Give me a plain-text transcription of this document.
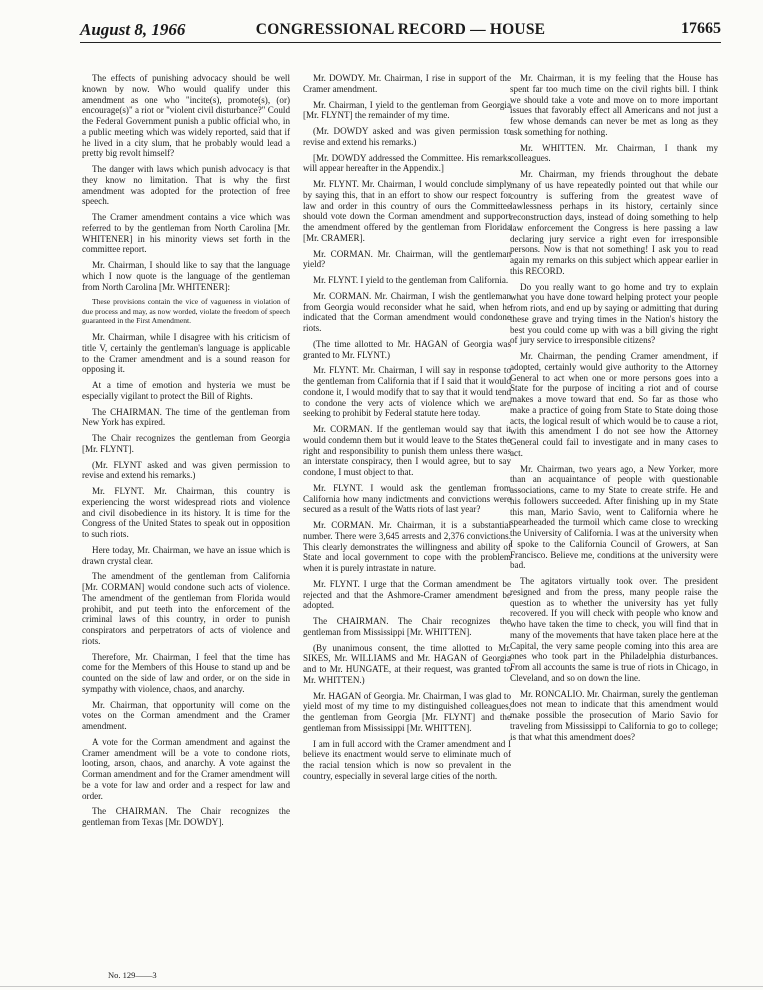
August 8, 1966	CONGRESSIONAL RECORD — HOUSE	17665

The effects of punishing advocacy should be well known by now. Who would qualify under this amendment as one who "incite(s), promote(s), (or) encourage(s)" a riot or "violent civil disturbance?" Could the Federal Government punish a public official who, in a public meeting which was widely reported, said that if he lived in a city slum, that he probably would lead a pretty big revolt himself?

The danger with laws which punish advocacy is that they know no limitation. That is why the first amendment was adopted for the protection of free speech.

The Cramer amendment contains a vice which was referred to by the gentleman from North Carolina [Mr. WHITENER] in his minority views set forth in the committee report.

Mr. Chairman, I should like to say that the language which I now quote is the language of the gentleman from North Carolina [Mr. WHITENER]:

These provisions contain the vice of vagueness in violation of due process and may, as now worded, violate the freedom of speech guaranteed in the First Amendment.

Mr. Chairman, while I disagree with his criticism of title V, certainly the gentleman's language is applicable to the Cramer amendment and is a sound reason for opposing it.

At a time of emotion and hysteria we must be especially vigilant to protect the Bill of Rights.

The CHAIRMAN. The time of the gentleman from New York has expired.

The Chair recognizes the gentleman from Georgia [Mr. FLYNT].

(Mr. FLYNT asked and was given permission to revise and extend his remarks.)

Mr. FLYNT. Mr. Chairman, this country is experiencing the worst widespread riots and violence and civil disobedience in its history. It is time for the Congress of the United States to speak out in opposition to such riots.

Here today, Mr. Chairman, we have an issue which is drawn crystal clear.

The amendment of the gentleman from California [Mr. CORMAN] would condone such acts of violence. The amendment of the gentleman from Florida would prohibit, and put teeth into the enforcement of the criminal laws of this country, in order to punish conspirators and perpetrators of acts of violence and riots.

Therefore, Mr. Chairman, I feel that the time has come for the Members of this House to stand up and be counted on the side of law and order, or on the side in sympathy with violence, chaos, and anarchy.

Mr. Chairman, that opportunity will come on the votes on the Corman amendment and the Cramer amendment.

A vote for the Corman amendment and against the Cramer amendment will be a vote to condone riots, looting, arson, chaos, and anarchy. A vote against the Corman amendment and for the Cramer amendment will be a vote for law and order and a respect for law and order.

The CHAIRMAN. The Chair recognizes the gentleman from Texas [Mr. DOWDY].

Mr. DOWDY. Mr. Chairman, I rise in support of the Cramer amendment.

Mr. Chairman, I yield to the gentleman from Georgia [Mr. FLYNT] the remainder of my time.

(Mr. DOWDY asked and was given permission to revise and extend his remarks.)

[Mr. DOWDY addressed the Committee. His remarks will appear hereafter in the Appendix.]

Mr. FLYNT. Mr. Chairman, I would conclude simply by saying this, that in an effort to show our respect for law and order in this country of ours the Committee should vote down the Corman amendment and support the amendment offered by the gentleman from Florida [Mr. CRAMER].

Mr. CORMAN. Mr. Chairman, will the gentleman yield?

Mr. FLYNT. I yield to the gentleman from California.

Mr. CORMAN. Mr. Chairman, I wish the gentleman from Georgia would reconsider what he said, when he indicated that the Corman amendment would condone riots.

(The time allotted to Mr. HAGAN of Georgia was granted to Mr. FLYNT.)

Mr. FLYNT. Mr. Chairman, I will say in response to the gentleman from California that if I said that it would condone it, I would modify that to say that it would tend to condone the very acts of violence which we are seeking to prohibit by Federal statute here today.

Mr. CORMAN. If the gentleman would say that it would condemn them but it would leave to the States the right and responsibility to punish them unless there was an interstate conspiracy, then I would agree, but to say condone, I must object to that.

Mr. FLYNT. I would ask the gentleman from California how many indictments and convictions were secured as a result of the Watts riots of last year?

Mr. CORMAN. Mr. Chairman, it is a substantial number. There were 3,645 arrests and 2,376 convictions. This clearly demonstrates the willingness and ability of State and local government to cope with the problem when it is purely intrastate in nature.

Mr. FLYNT. I urge that the Corman amendment be rejected and that the Ashmore-Cramer amendment be adopted.

The CHAIRMAN. The Chair recognizes the gentleman from Mississippi [Mr. WHITTEN].

(By unanimous consent, the time allotted to Mr. SIKES, Mr. WILLIAMS and Mr. HAGAN of Georgia and to Mr. HUNGATE, at their request, was granted to Mr. WHITTEN.)

Mr. HAGAN of Georgia. Mr. Chairman, I was glad to yield most of my time to my distinguished colleagues, the gentleman from Georgia [Mr. FLYNT] and the gentleman from Mississippi [Mr. WHITTEN].

I am in full accord with the Cramer amendment and I believe its enactment would serve to eliminate much of the racial tension which is now so prevalent in the country, especially in several large cities of the north.

Mr. Chairman, it is my feeling that the House has spent far too much time on the civil rights bill. I think we should take a vote and move on to more important issues that favorably effect all Americans and not just a few whose demands can never be met as long as they ask something for nothing.

Mr. WHITTEN. Mr. Chairman, I thank my colleagues.

Mr. Chairman, my friends throughout the debate many of us have repeatedly pointed out that while our country is suffering from the greatest wave of lawlessness perhaps in its history, certainly since reconstruction days, instead of doing something to help law enforcement the Congress is here passing a law declaring jury service a right even for irresponsible persons. Now is that not something! I ask you to read again my remarks on this subject which appear earlier in this RECORD.

Do you really want to go home and try to explain what you have done toward helping protect your people from riots, and end up by saying or admitting that during these grave and trying times in the Nation's history the best you could come up with was a bill giving the right of jury service to irresponsible citizens?

Mr. Chairman, the pending Cramer amendment, if adopted, certainly would give authority to the Attorney General to act when one or more persons goes into a State for the purpose of inciting a riot and of course makes a move toward that end. So far as those who make a practice of going from State to State doing those acts, the logical result of which would be to cause a riot, with this amendment I do not see how the Attorney General could fail to investigate and in many cases to act.

Mr. Chairman, two years ago, a New Yorker, more than an acquaintance of people with questionable associations, came to my State to create strife. He and his followers succeeded. After finishing up in my State this man, Mario Savio, went to California where he spearheaded the turmoil which came close to wrecking the University of California. I was at the university when I spoke to the California Council of Growers, at San Francisco. Believe me, conditions at the university were bad.

The agitators virtually took over. The president resigned and from the press, many people raise the question as to whether the university has yet fully recovered. If you will check with people who know and who have taken the time to check, you will find that in many of the movements that have taken place here at the Capital, the very same people coming into this area are ones who took part in the Philadelphia disturbances. From all accounts the same is true of riots in Chicago, in Cleveland, and so on down the line.

Mr. RONCALIO. Mr. Chairman, surely the gentleman does not mean to indicate that this amendment would make possible the prosecution of Mario Savio for traveling from Mississippi to California to go to college; is that what this amendment does?

No. 129——3
